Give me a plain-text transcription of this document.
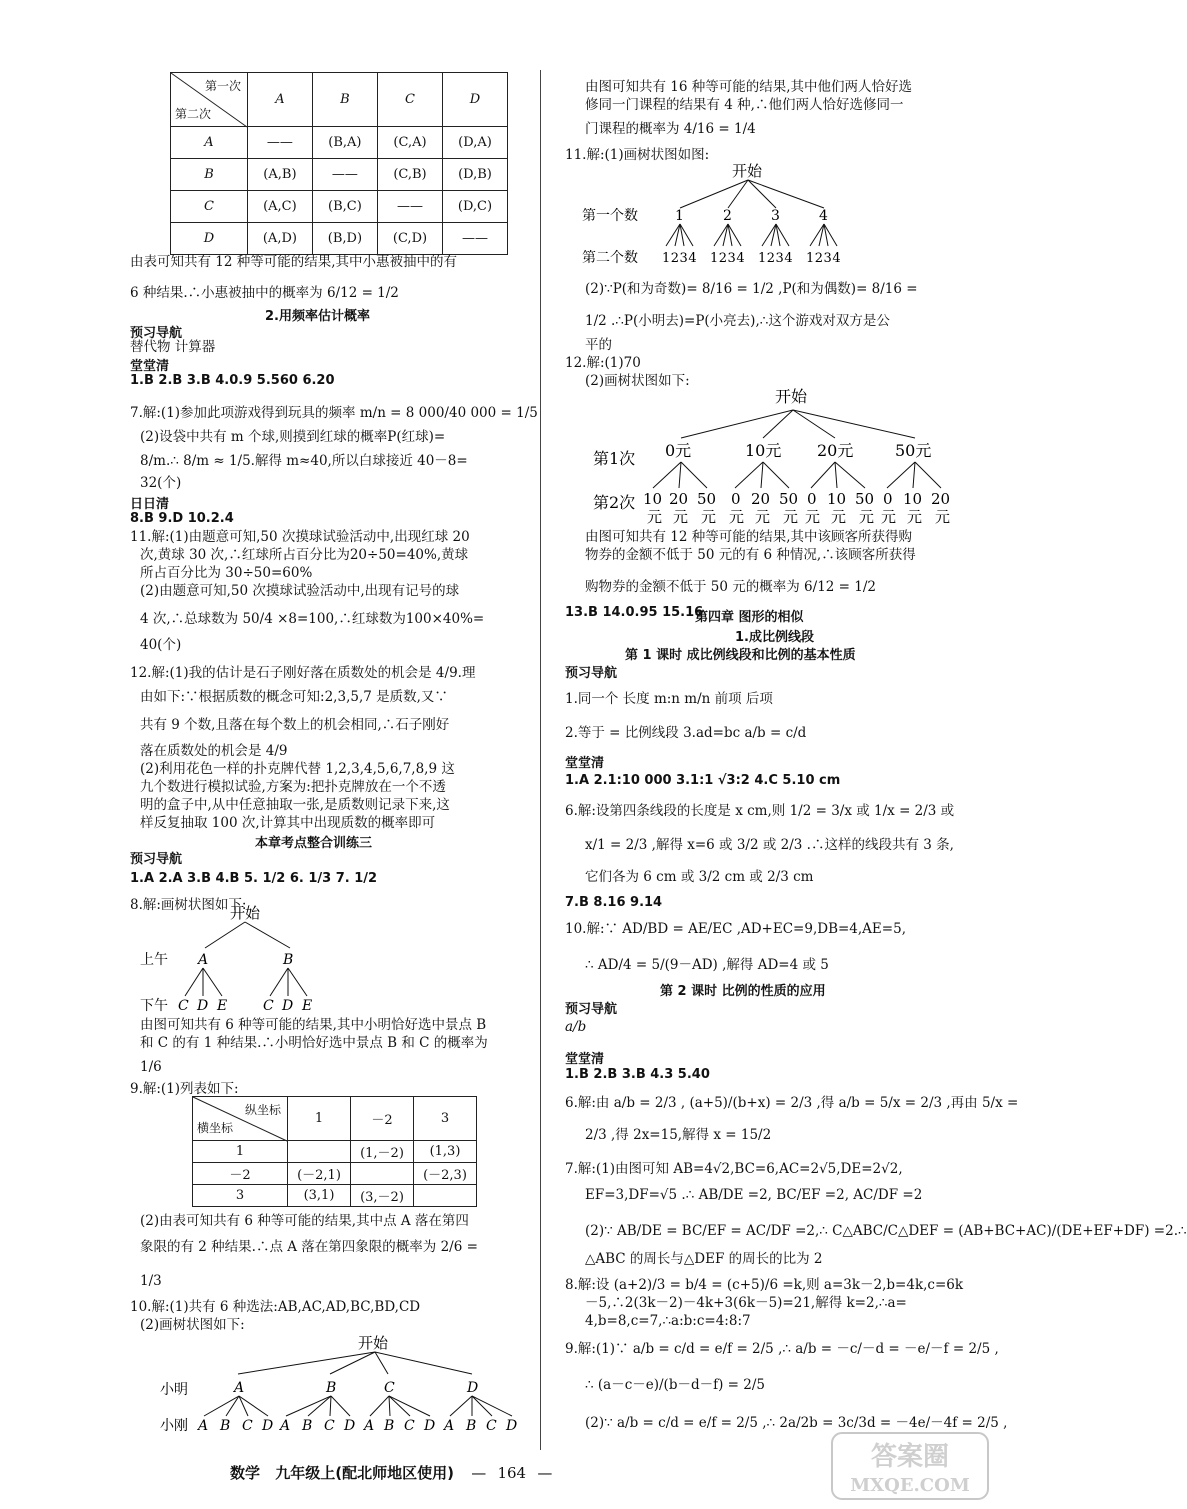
第一次
第二次	A	B	C	D
A	——	(B,A)	(C,A)	(D,A)
B	(A,B)	——	(C,B)	(D,B)
C	(A,C)	(B,C)	——	(D,C)
D	(A,D)	(B,D)	(C,D)	——
由表可知共有 12 种等可能的结果,其中小惠被抽中的有
6 种结果.∴小惠被抽中的概率为 6/12 = 1/2
2.用频率估计概率
预习导航
替代物 计算器
堂堂清
1.B 2.B 3.B 4.0.9 5.560 6.20
7.解:(1)参加此项游戏得到玩具的频率 m/n = 8 000/40 000 = 1/5
(2)设袋中共有 m 个球,则摸到红球的概率P(红球)=
8/m.∴ 8/m ≈ 1/5.解得 m≈40,所以白球接近 40－8=
32(个)
日日清
8.B 9.D 10.2.4
11.解:(1)由题意可知,50 次摸球试验活动中,出现红球 20
次,黄球 30 次,∴红球所占百分比为20÷50=40%,黄球
所占百分比为 30÷50=60%
(2)由题意可知,50 次摸球试验活动中,出现有记号的球
4 次,∴总球数为 50/4 ×8=100,∴红球数为100×40%=
40(个)
12.解:(1)我的估计是石子刚好落在质数处的机会是 4/9.理
由如下:∵根据质数的概念可知:2,3,5,7 是质数,又∵
共有 9 个数,且落在每个数上的机会相同,∴石子刚好
落在质数处的机会是 4/9
(2)利用花色一样的扑克牌代替 1,2,3,4,5,6,7,8,9 这
九个数进行模拟试验,方案为:把扑克牌放在一个不透
明的盒子中,从中任意抽取一张,是质数则记录下来,这
样反复抽取 100 次,计算其中出现质数的概率即可
本章考点整合训练三
预习导航
1.A 2.A 3.B 4.B 5. 1/2 6. 1/3 7. 1/2
8.解:画树状图如下:
开始
上午 A	B
下午 C D E	C D E
由图可知共有 6 种等可能的结果,其中小明恰好选中景点 B
和 C 的有 1 种结果.∴小明恰好选中景点 B 和 C 的概率为
1/6
9.解:(1)列表如下:
纵坐标
横坐标	1	－2	3
1		(1,－2)	(1,3)
－2	(－2,1)		(－2,3)
3	(3,1)	(3,－2)	
(2)由表可知共有 6 种等可能的结果,其中点 A 落在第四
象限的有 2 种结果.∴点 A 落在第四象限的概率为 2/6 =
1/3
10.解:(1)共有 6 种选法:AB,AC,AD,BC,BD,CD
(2)画树状图如下:
开始
小明	A	B	C	D
小刚 A B C D A B C D A B C D A B C D
由图可知共有 16 种等可能的结果,其中他们两人恰好选
修同一门课程的结果有 4 种,∴他们两人恰好选修同一
门课程的概率为 4/16 = 1/4
11.解:(1)画树状图如图:
开始
第一个数	1	2	3	4
第二个数 1234 1234 1234 1234
(2)∵P(和为奇数)= 8/16 = 1/2 ,P(和为偶数)= 8/16 =
1/2 .∴P(小明去)=P(小亮去),∴这个游戏对双方是公
平的
12.解:(1)70
(2)画树状图如下:
开始
第1次 0元	10元 20元	50元
第2次 10 20 50 0 20 50 0 10 50 0 10 20
元 元 元 元 元 元 元 元 元 元 元 元
由图可知共有 12 种等可能的结果,其中该顾客所获得购
物券的金额不低于 50 元的有 6 种情况,∴该顾客所获得
购物券的金额不低于 50 元的概率为 6/12 = 1/2
13.B 14.0.95 15.16
第四章 图形的相似
1.成比例线段
第 1 课时 成比例线段和比例的基本性质
预习导航
1.同一个 长度 m:n m/n 前项 后项
2.等于 = 比例线段 3.ad=bc a/b = c/d
堂堂清
1.A 2.1:10 000 3.1:1 √3:2 4.C 5.10 cm
6.解:设第四条线段的长度是 x cm,则 1/2 = 3/x 或 1/x = 2/3 或
x/1 = 2/3 ,解得 x=6 或 3/2 或 2/3 .∴这样的线段共有 3 条,
它们各为 6 cm 或 3/2 cm 或 2/3 cm
7.B 8.16 9.14
10.解:∵ AD/BD = AE/EC ,AD+EC=9,DB=4,AE=5,
∴ AD/4 = 5/(9－AD) ,解得 AD=4 或 5
第 2 课时 比例的性质的应用
预习导航
a/b
堂堂清
1.B 2.B 3.B 4.3 5.40
6.解:由 a/b = 2/3 , (a+5)/(b+x) = 2/3 ,得 a/b = 5/x = 2/3 ,再由 5/x =
2/3 ,得 2x=15,解得 x = 15/2
7.解:(1)由图可知 AB=4√2,BC=6,AC=2√5,DE=2√2,
EF=3,DF=√5 .∴ AB/DE =2, BC/EF =2, AC/DF =2
(2)∵ AB/DE = BC/EF = AC/DF =2,∴ C△ABC/C△DEF = (AB+BC+AC)/(DE+EF+DF) =2.∴
△ABC 的周长与△DEF 的周长的比为 2
8.解:设 (a+2)/3 = b/4 = (c+5)/6 =k,则 a=3k－2,b=4k,c=6k
－5,∴2(3k－2)－4k+3(6k－5)=21,解得 k=2,∴a=
4,b=8,c=7,∴a:b:c=4:8:7
9.解:(1)∵ a/b = c/d = e/f = 2/5 ,∴ a/b = －c/－d = －e/－f = 2/5 ,
∴ (a－c－e)/(b－d－f) = 2/5
(2)∵ a/b = c/d = e/f = 2/5 ,∴ 2a/2b = 3c/3d = －4e/－4f = 2/5 ,
数学 九年级上(配北师地区使用) — 164 —
答案圈
MXQE.COM
